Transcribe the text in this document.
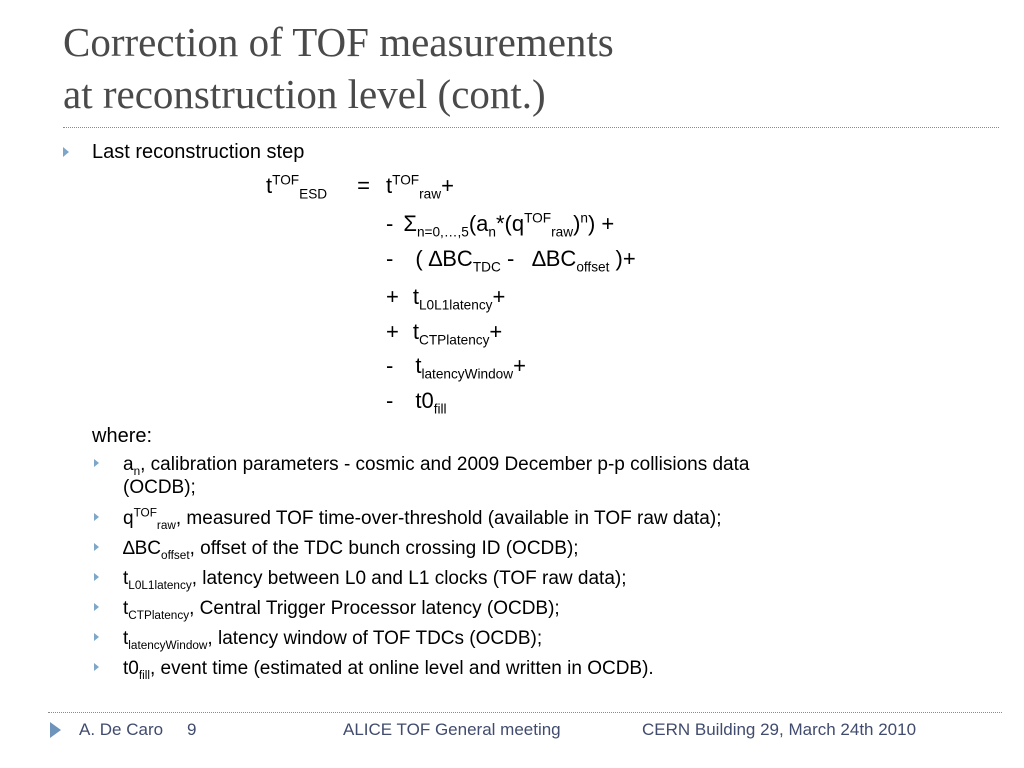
Correction of TOF measurements
at reconstruction level (cont.)
Last reconstruction step
$t^{TOF}_{ESD} = t^{TOF}_{raw}+$
- $\Sigma_{n=0,\dots,5}(a_n*(q^{TOF}_{raw})^n)$ +
- ( $\Delta BC_{TDC} - \Delta BC_{offset}$ )+
+ $t_{L0L1latency}+$
+ $t_{CTPlatency}+$
- $t_{latencyWindow}+$
- $t0_{fill}$
where:
$a_n$, calibration parameters - cosmic and 2009 December p-p collisions data
(OCDB);
$q^{TOF}_{raw}$, measured TOF time-over-threshold (available in TOF raw data);
$\Delta BC_{offset}$, offset of the TDC bunch crossing ID (OCDB);
$t_{L0L1latency}$, latency between L0 and L1 clocks (TOF raw data);
$t_{CTPlatency}$, Central Trigger Processor latency (OCDB);
$t_{latencyWindow}$, latency window of TOF TDCs (OCDB);
$t0_{fill}$, event time (estimated at online level and written in OCDB).
A. De Caro 9	ALICE TOF General meeting	CERN Building 29, March 24th 2010
